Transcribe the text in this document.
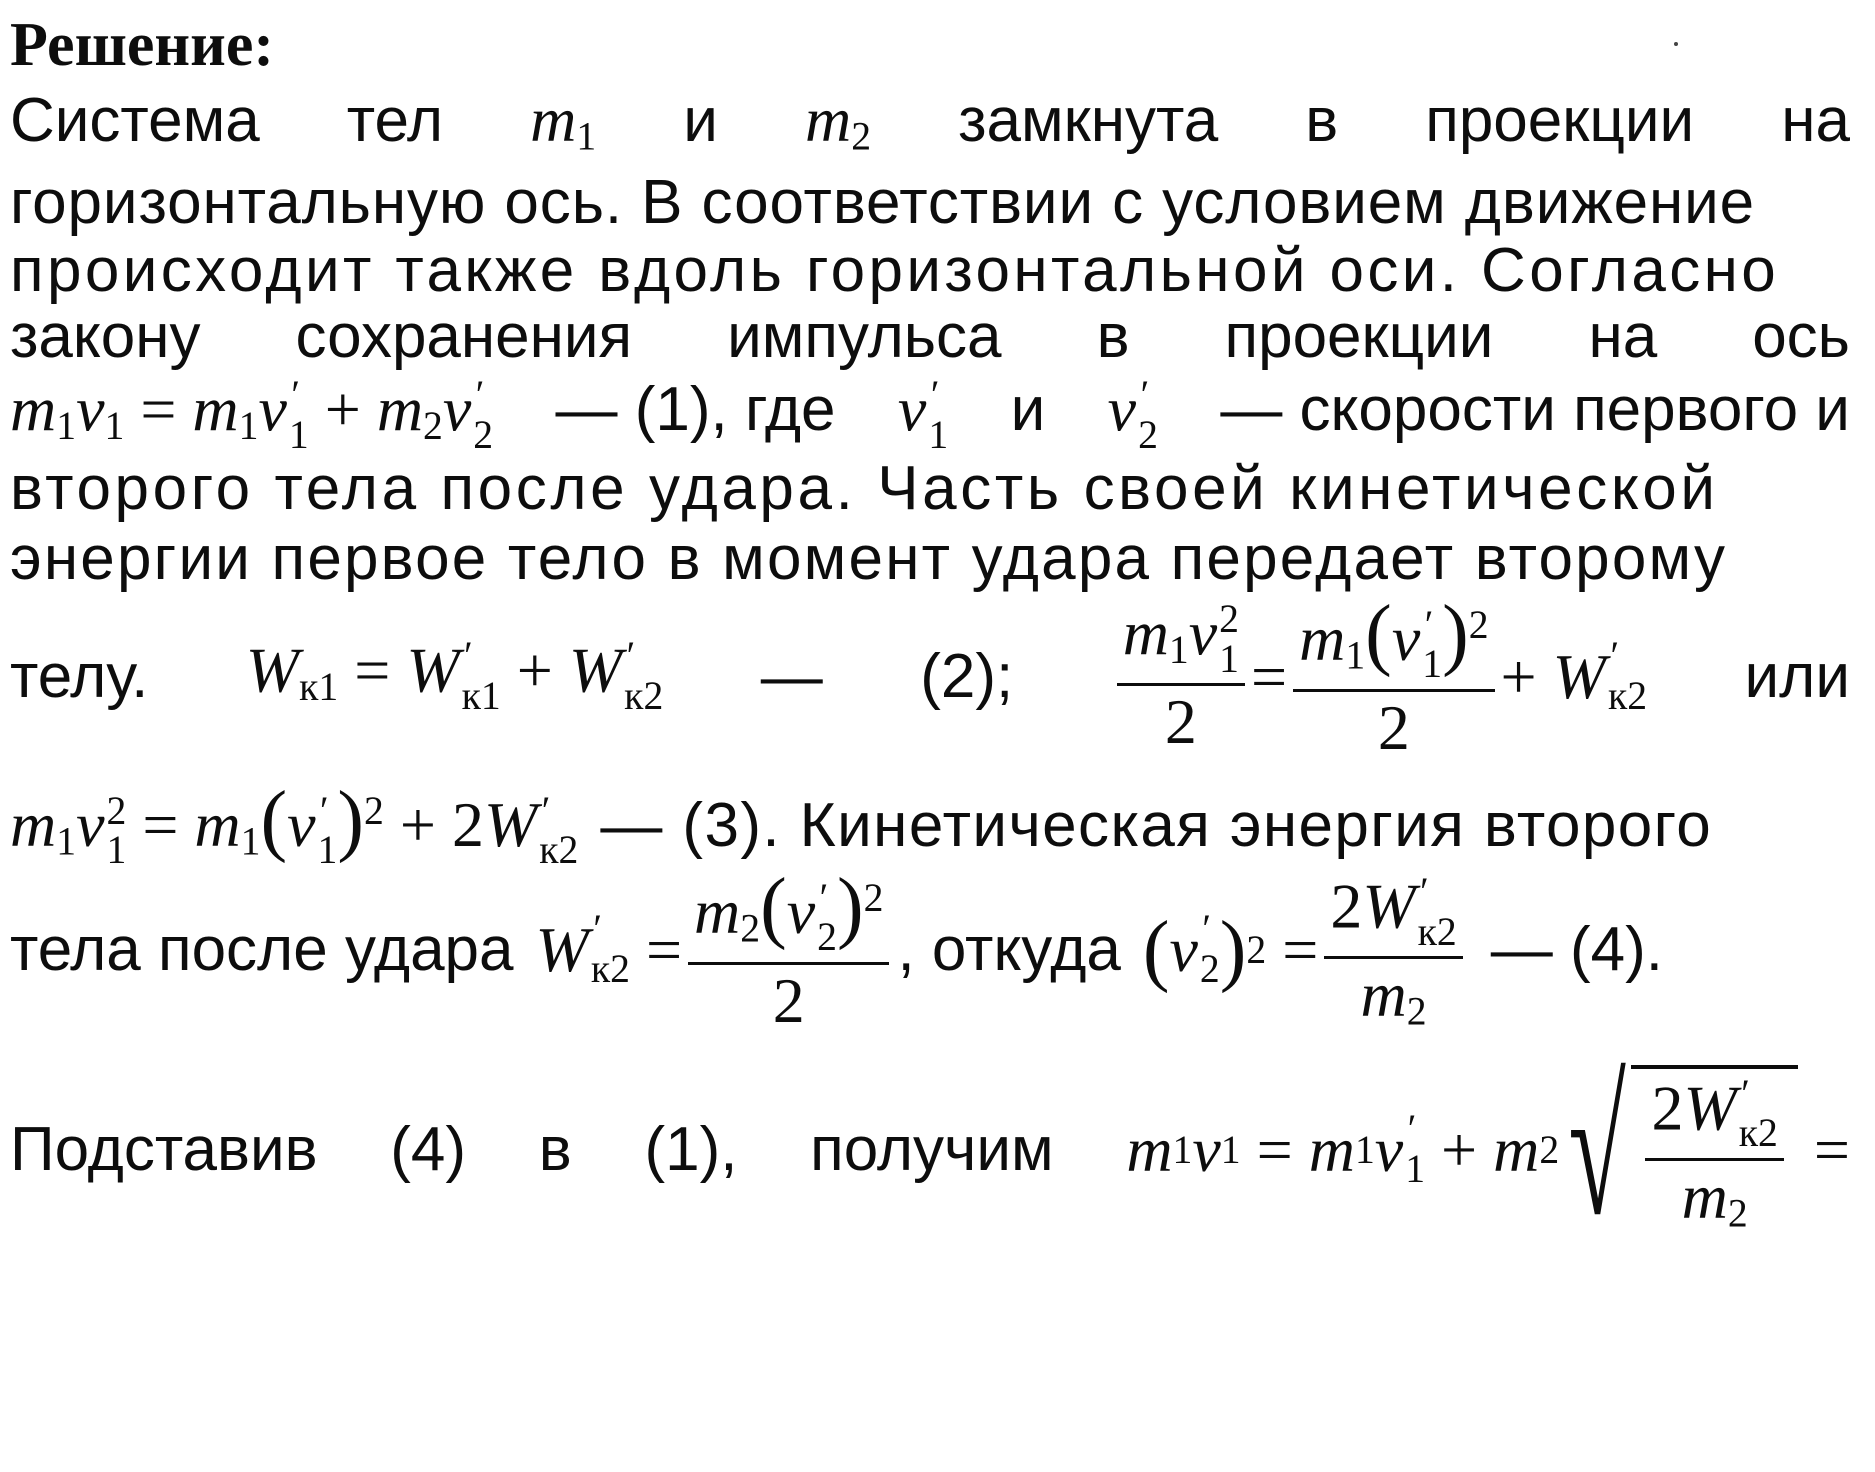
Решение:
Система тел $m_1$ и $m_2$ замкнута в проекции на
горизонтальную ось. В соответствии с условием движение
происходит также вдоль горизонтальной оси. Согласно
закону сохранения импульса в проекции на ось
$m_1v_1 = m_1v$ ′
$1 + m_2v$ ′
2 — (1), где v ′
1 и v ′
2 — скорости первого и
второго тела после удара. Часть своей кинетической
энергии первое тело в момент удара передает второму
телу. $W_{к1} = W$ ′
к1 + W ′
к2 — (2); $m_1v$ 2
1
$2 = m_1(v$ ′
1 )$^2$
2 + W ′
к2 или
$m_1v$ 2
$1 = m_1(v$ ′
1 )$^2$ + 2W ′
к2 — (3). Кинетическая энергия второго
тела после удара W ′
к2
= $m_2(v$ ′
2 )$^2$
2 , откуда ( v ′
2 ) 2
= 2W ′
к2
$m_2$ — (4).
Подставив (4) в (1), получим m 1 v 1
= m 1 v ′
1
+ m 2 √ 2W ′
к2
$m_2$
=
